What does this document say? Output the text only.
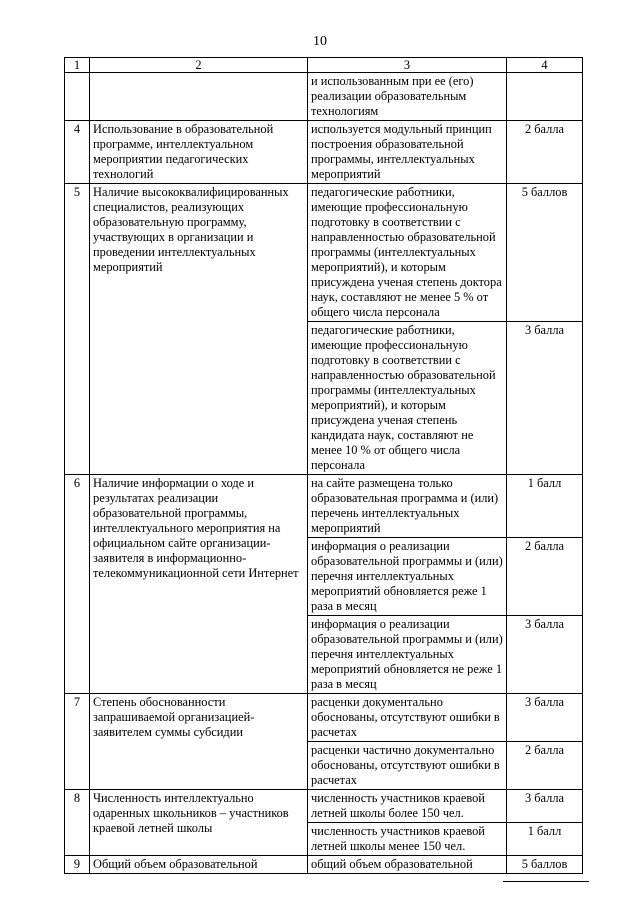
10
1	2	3	4
		и использованным при ее (его) реализации образовательным технологиям	
4	Использование в образовательной программе, интеллектуальном мероприятии педагогических технологий	используется модульный принцип построения образовательной программы, интеллектуальных мероприятий	2 балла
5	Наличие высококвалифицированных специалистов, реализующих образовательную программу, участвующих в организации и проведении интеллектуальных мероприятий	педагогические работники, имеющие профессиональную подготовку в соответствии с направленностью образовательной программы (интеллектуальных мероприятий), и которым присуждена ученая степень доктора наук, составляют не менее 5 % от общего числа персонала	5 баллов
		педагогические работники, имеющие профессиональную подготовку в соответствии с направленностью образовательной программы (интеллектуальных мероприятий), и которым присуждена ученая степень кандидата наук, составляют не менее 10 % от общего числа персонала	3 балла
6	Наличие информации о ходе и результатах реализации образовательной программы, интеллектуального мероприятия на официальном сайте организации-заявителя в информационно-телекоммуникационной сети Интернет	на сайте размещена только образовательная программа и (или) перечень интеллектуальных мероприятий	1 балл
		информация о реализации образовательной программы и (или) перечня интеллектуальных мероприятий обновляется реже 1 раза в месяц	2 балла
		информация о реализации образовательной программы и (или) перечня интеллектуальных мероприятий обновляется не реже 1 раза в месяц	3 балла
7	Степень обоснованности запрашиваемой организацией-заявителем суммы субсидии	расценки документально обоснованы, отсутствуют ошибки в расчетах	3 балла
		расценки частично документально обоснованы, отсутствуют ошибки в расчетах	2 балла
8	Численность интеллектуально одаренных школьников – участников краевой летней школы	численность участников краевой летней школы более 150 чел.	3 балла
		численность участников краевой летней школы менее 150 чел.	1 балл
9	Общий объем образовательной	общий объем образовательной	5 баллов
